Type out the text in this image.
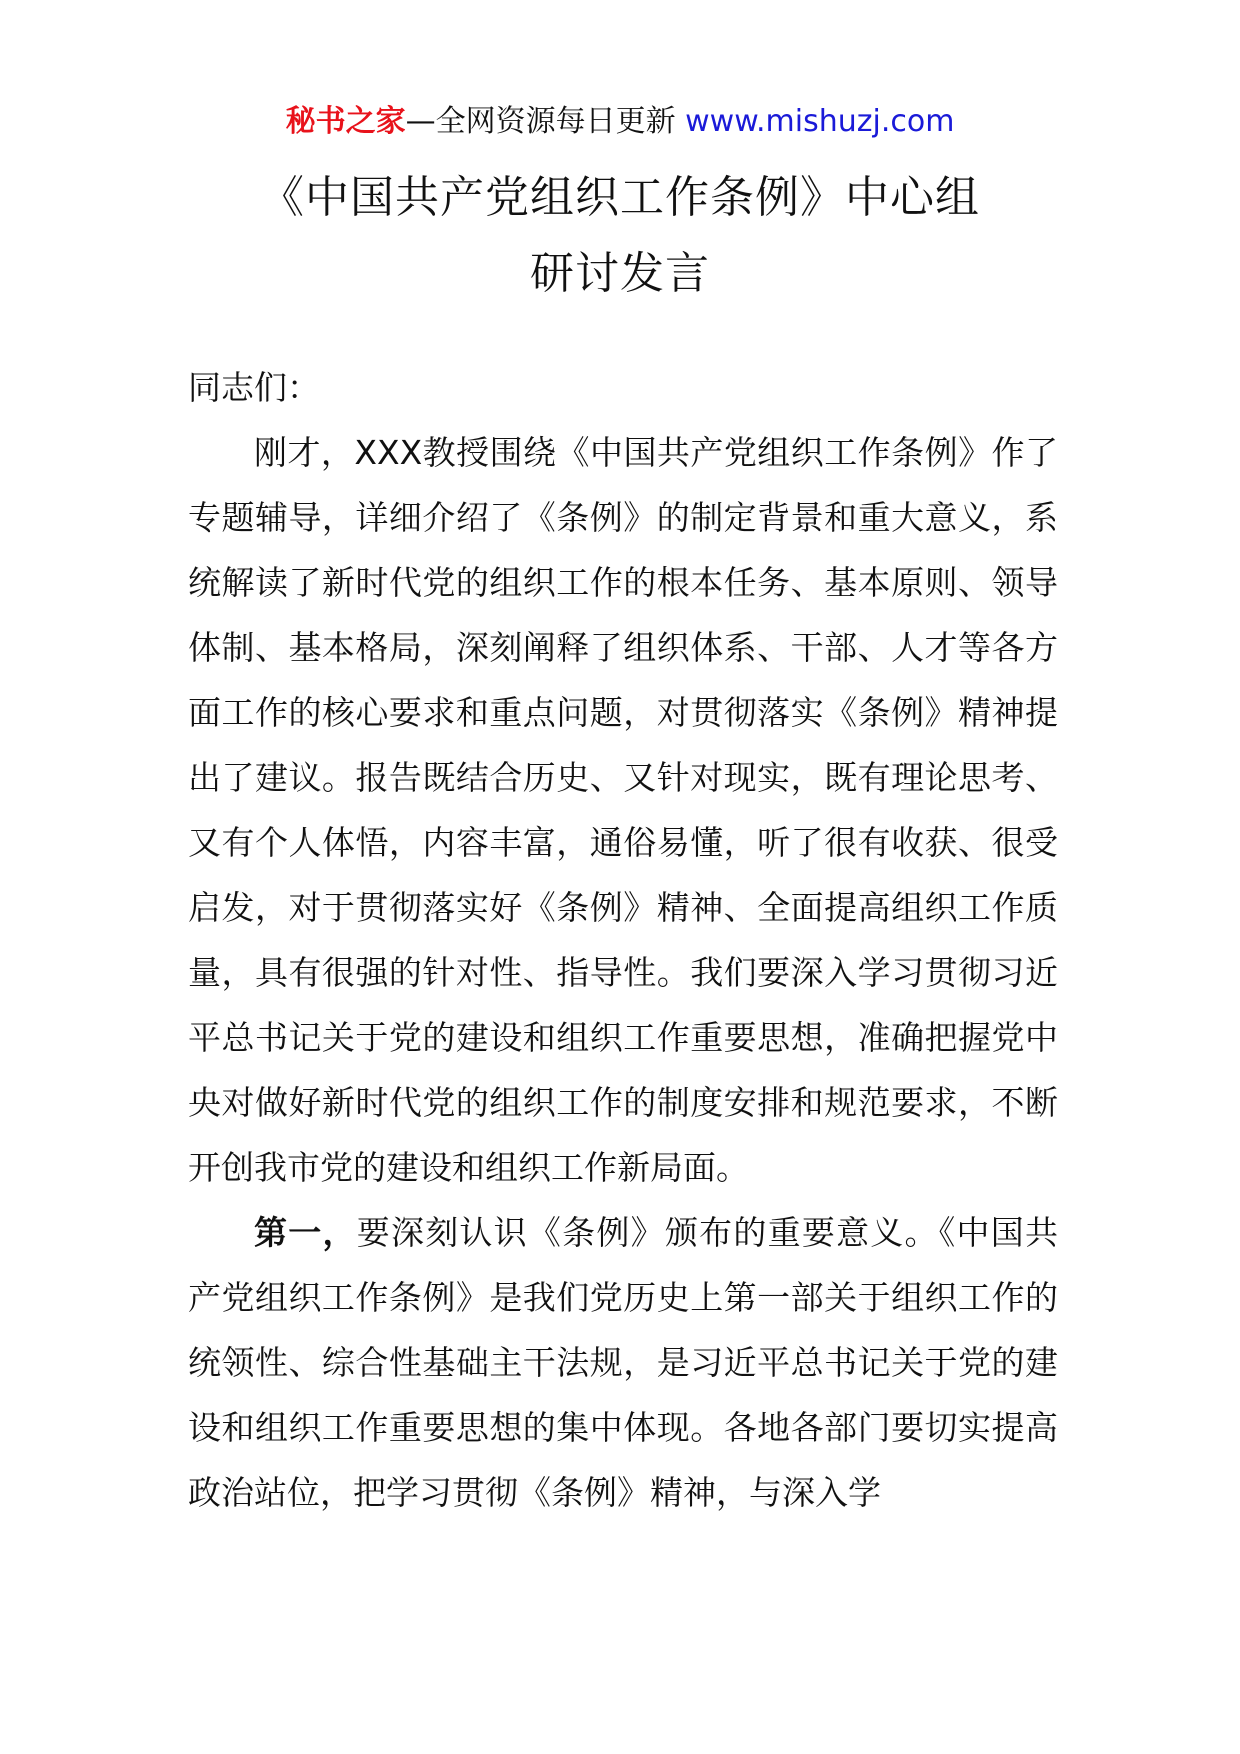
秘书之家—全网资源每日更新 www.mishuzj.com
《中国共产党组织工作条例》中心组
研讨发言

同志们：

刚才，XXX教授围绕《中国共产党组织工作条例》作了专题辅导，详细介绍了《条例》的制定背景和重大意义，系统解读了新时代党的组织工作的根本任务、基本原则、领导体制、基本格局，深刻阐释了组织体系、干部、人才等各方面工作的核心要求和重点问题，对贯彻落实《条例》精神提出了建议。报告既结合历史、又针对现实，既有理论思考、又有个人体悟，内容丰富，通俗易懂，听了很有收获、很受启发，对于贯彻落实好《条例》精神、全面提高组织工作质量，具有很强的针对性、指导性。我们要深入学习贯彻习近平总书记关于党的建设和组织工作重要思想，准确把握党中央对做好新时代党的组织工作的制度安排和规范要求，不断开创我市党的建设和组织工作新局面。

第一，要深刻认识《条例》颁布的重要意义。《中国共产党组织工作条例》是我们党历史上第一部关于组织工作的统领性、综合性基础主干法规，是习近平总书记关于党的建设和组织工作重要思想的集中体现。各地各部门要切实提高政治站位，把学习贯彻《条例》精神，与深入学
